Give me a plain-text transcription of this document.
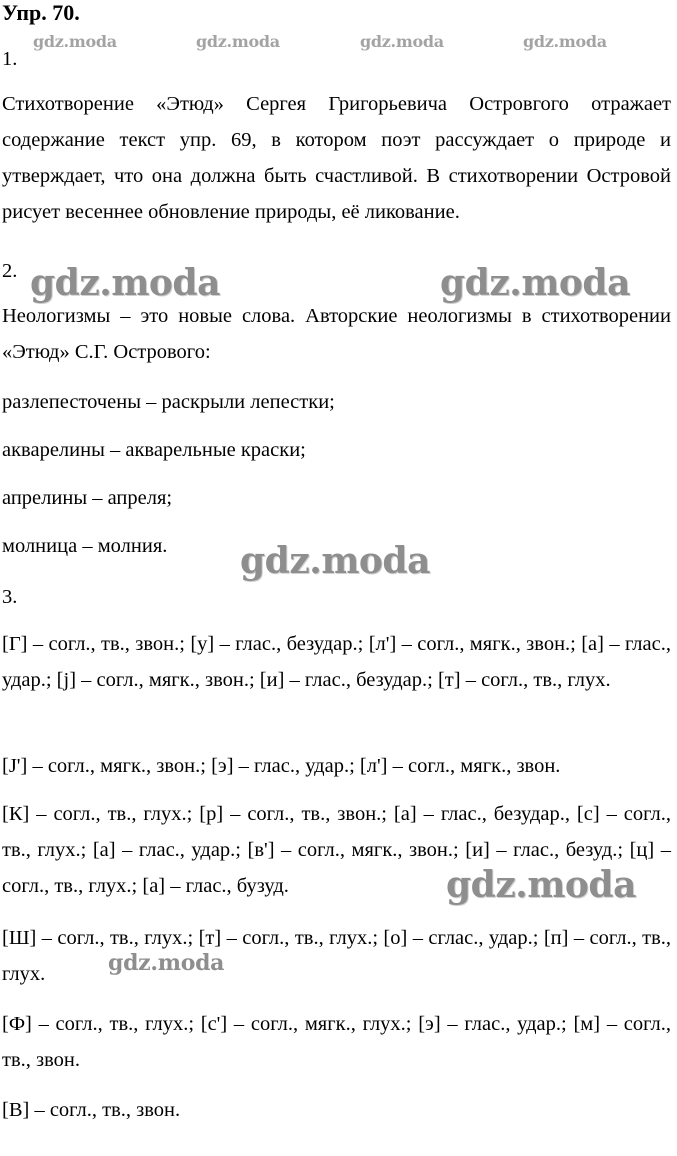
Упр. 70.
gdz.moda	gdz.moda	gdz.moda	gdz.moda
1.

Стихотворение «Этюд» Сергея Григорьевича Островгого отражает содержание текст упр. 69, в котором поэт рассуждает о природе и утверждает, что она должна быть счастливой. В стихотворении Островой рисует весеннее обновление природы, её ликование.

2. gdz.moda	gdz.moda

Неологизмы – это новые слова. Авторские неологизмы в стихотворении «Этюд» С.Г. Острового:

разлепесточены – раскрыли лепестки;

акварелины – акварельные краски;

апрелины – апреля;

молница – молния.	gdz.moda
3.

[Г] – согл., тв., звон.; [у] – глас., безудар.; [л'] – согл., мягк., звон.; [а] – глас., удар.; [j] – согл., мягк., звон.; [и] – глас., безудар.; [т] – согл., тв., глух.

[J'] – согл., мягк., звон.; [э] – глас., удар.; [л'] – согл., мягк., звон.

[К] – согл., тв., глух.; [р] – согл., тв., звон.; [а] – глас., безудар., [с] – согл., тв., глух.; [а] – глас., удар.; [в'] – согл., мягк., звон.; [и] – глас., безуд.; [ц] – согл., тв., глух.; [а] – глас., бузуд.	gdz.moda

[Ш] – согл., тв., глух.; [т] – согл., тв., глух.; [о] – сглас., удар.; [п] – согл., тв., глух.	gdz.moda

[Ф] – согл., тв., глух.; [с'] – согл., мягк., глух.; [э] – глас., удар.; [м] – согл., тв., звон.

[В] – согл., тв., звон.
